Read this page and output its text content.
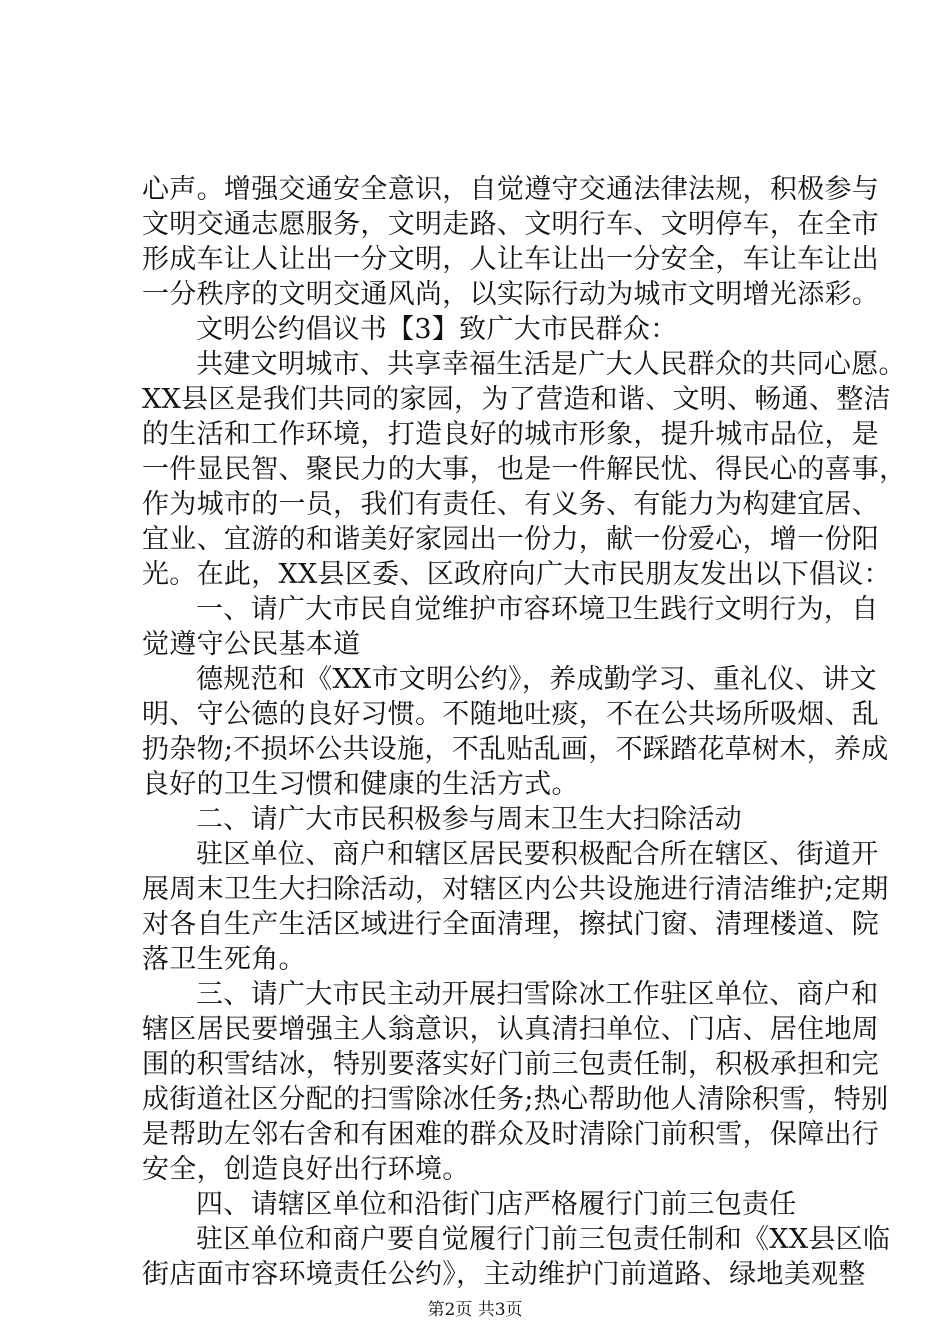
心声。增强交通安全意识，自觉遵守交通法律法规，积极参与
文明交通志愿服务，文明走路、文明行车、文明停车，在全市
形成车让人让出一分文明，人让车让出一分安全，车让车让出
一分秩序的文明交通风尚，以实际行动为城市文明增光添彩。
文明公约倡议书【3】致广大市民群众：
共建文明城市、共享幸福生活是广大人民群众的共同心愿。
XX县区是我们共同的家园，为了营造和谐、文明、畅通、整洁
的生活和工作环境，打造良好的城市形象，提升城市品位，是
一件显民智、聚民力的大事，也是一件解民忧、得民心的喜事，
作为城市的一员，我们有责任、有义务、有能力为构建宜居、
宜业、宜游的和谐美好家园出一份力，献一份爱心，增一份阳
光。在此，XX县区委、区政府向广大市民朋友发出以下倡议：
一、请广大市民自觉维护市容环境卫生践行文明行为，自
觉遵守公民基本道
德规范和《XX市文明公约》，养成勤学习、重礼仪、讲文
明、守公德的良好习惯。不随地吐痰，不在公共场所吸烟、乱
扔杂物;不损坏公共设施，不乱贴乱画，不踩踏花草树木，养成
良好的卫生习惯和健康的生活方式。
二、请广大市民积极参与周末卫生大扫除活动
驻区单位、商户和辖区居民要积极配合所在辖区、街道开
展周末卫生大扫除活动，对辖区内公共设施进行清洁维护;定期
对各自生产生活区域进行全面清理，擦拭门窗、清理楼道、院
落卫生死角。
三、请广大市民主动开展扫雪除冰工作驻区单位、商户和
辖区居民要增强主人翁意识，认真清扫单位、门店、居住地周
围的积雪结冰，特别要落实好门前三包责任制，积极承担和完
成街道社区分配的扫雪除冰任务;热心帮助他人清除积雪，特别
是帮助左邻右舍和有困难的群众及时清除门前积雪，保障出行
安全，创造良好出行环境。
四、请辖区单位和沿街门店严格履行门前三包责任
驻区单位和商户要自觉履行门前三包责任制和《XX县区临
第2页 共3页
街店面市容环境责任公约》，主动维护门前道路、绿地美观整
